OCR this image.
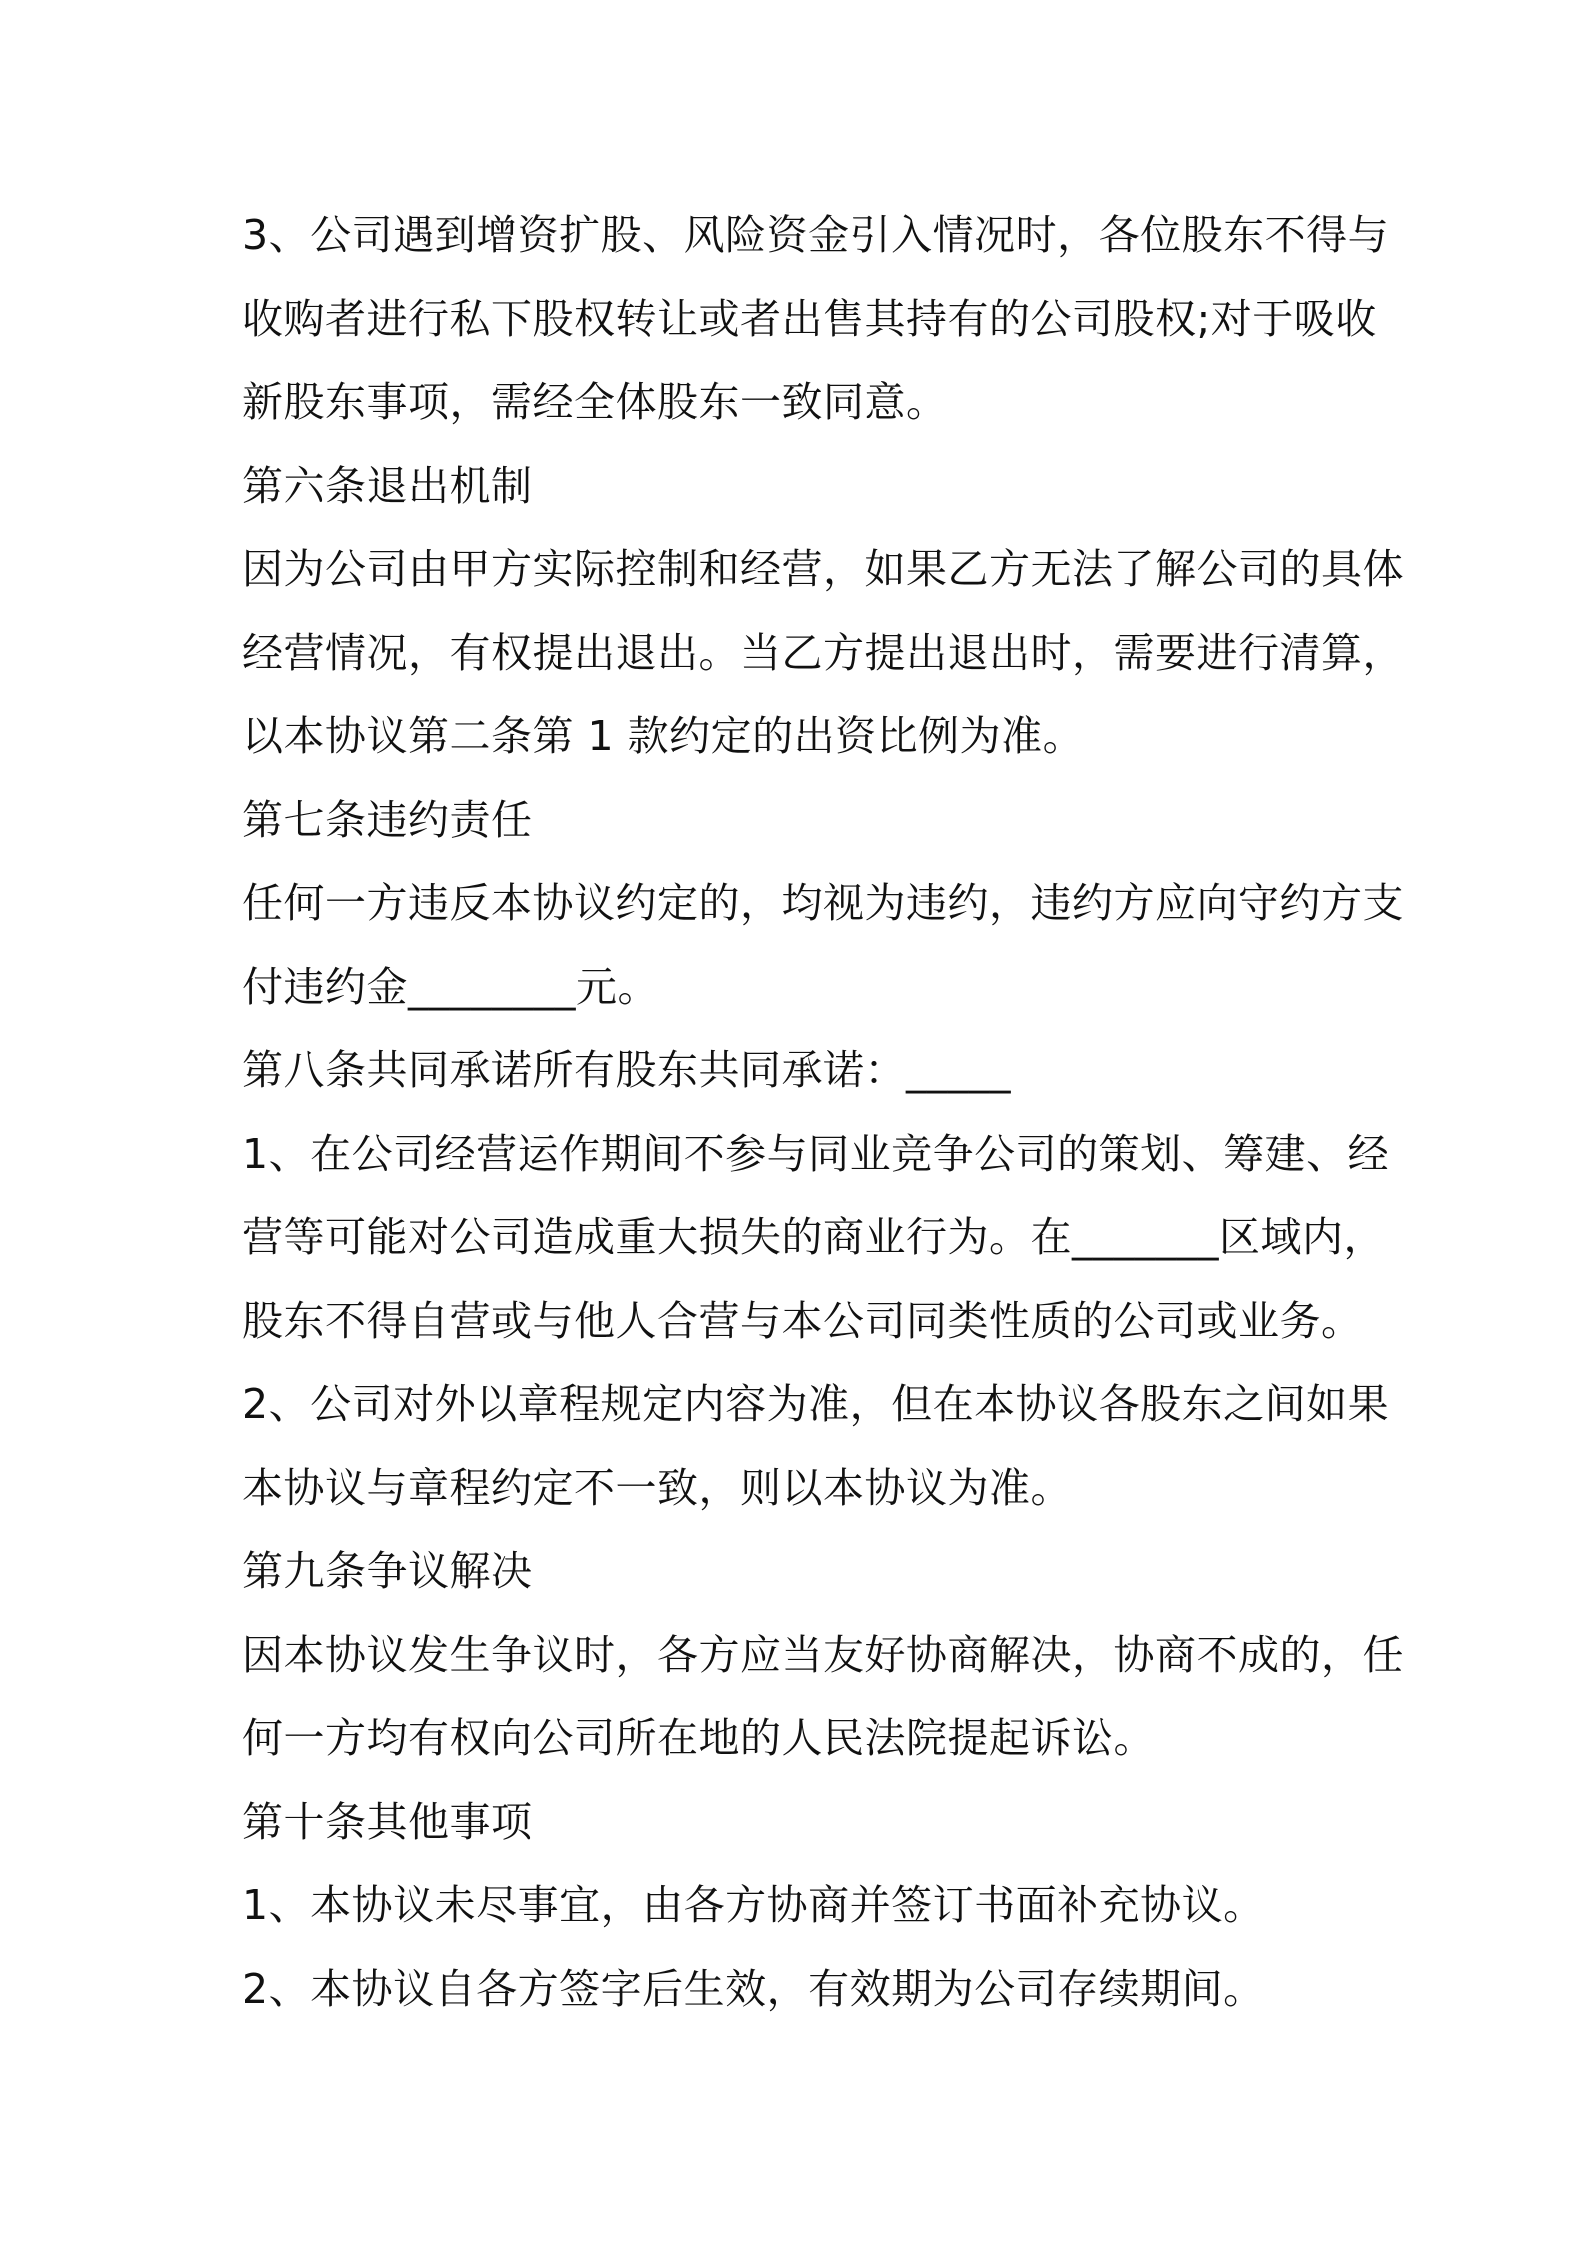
3、公司遇到增资扩股、风险资金引入情况时，各位股东不得与
收购者进行私下股权转让或者出售其持有的公司股权;对于吸收
新股东事项，需经全体股东一致同意。
第六条退出机制
因为公司由甲方实际控制和经营，如果乙方无法了解公司的具体
经营情况，有权提出退出。当乙方提出退出时，需要进行清算，
以本协议第二条第 1 款约定的出资比例为准。
第七条违约责任
任何一方违反本协议约定的，均视为违约，违约方应向守约方支
付违约金________元。
第八条共同承诺所有股东共同承诺：_____
1、在公司经营运作期间不参与同业竞争公司的策划、筹建、经
营等可能对公司造成重大损失的商业行为。在_______区域内，
股东不得自营或与他人合营与本公司同类性质的公司或业务。
2、公司对外以章程规定内容为准，但在本协议各股东之间如果
本协议与章程约定不一致，则以本协议为准。
第九条争议解决
因本协议发生争议时，各方应当友好协商解决，协商不成的，任
何一方均有权向公司所在地的人民法院提起诉讼。
第十条其他事项
1、本协议未尽事宜，由各方协商并签订书面补充协议。
2、本协议自各方签字后生效，有效期为公司存续期间。
